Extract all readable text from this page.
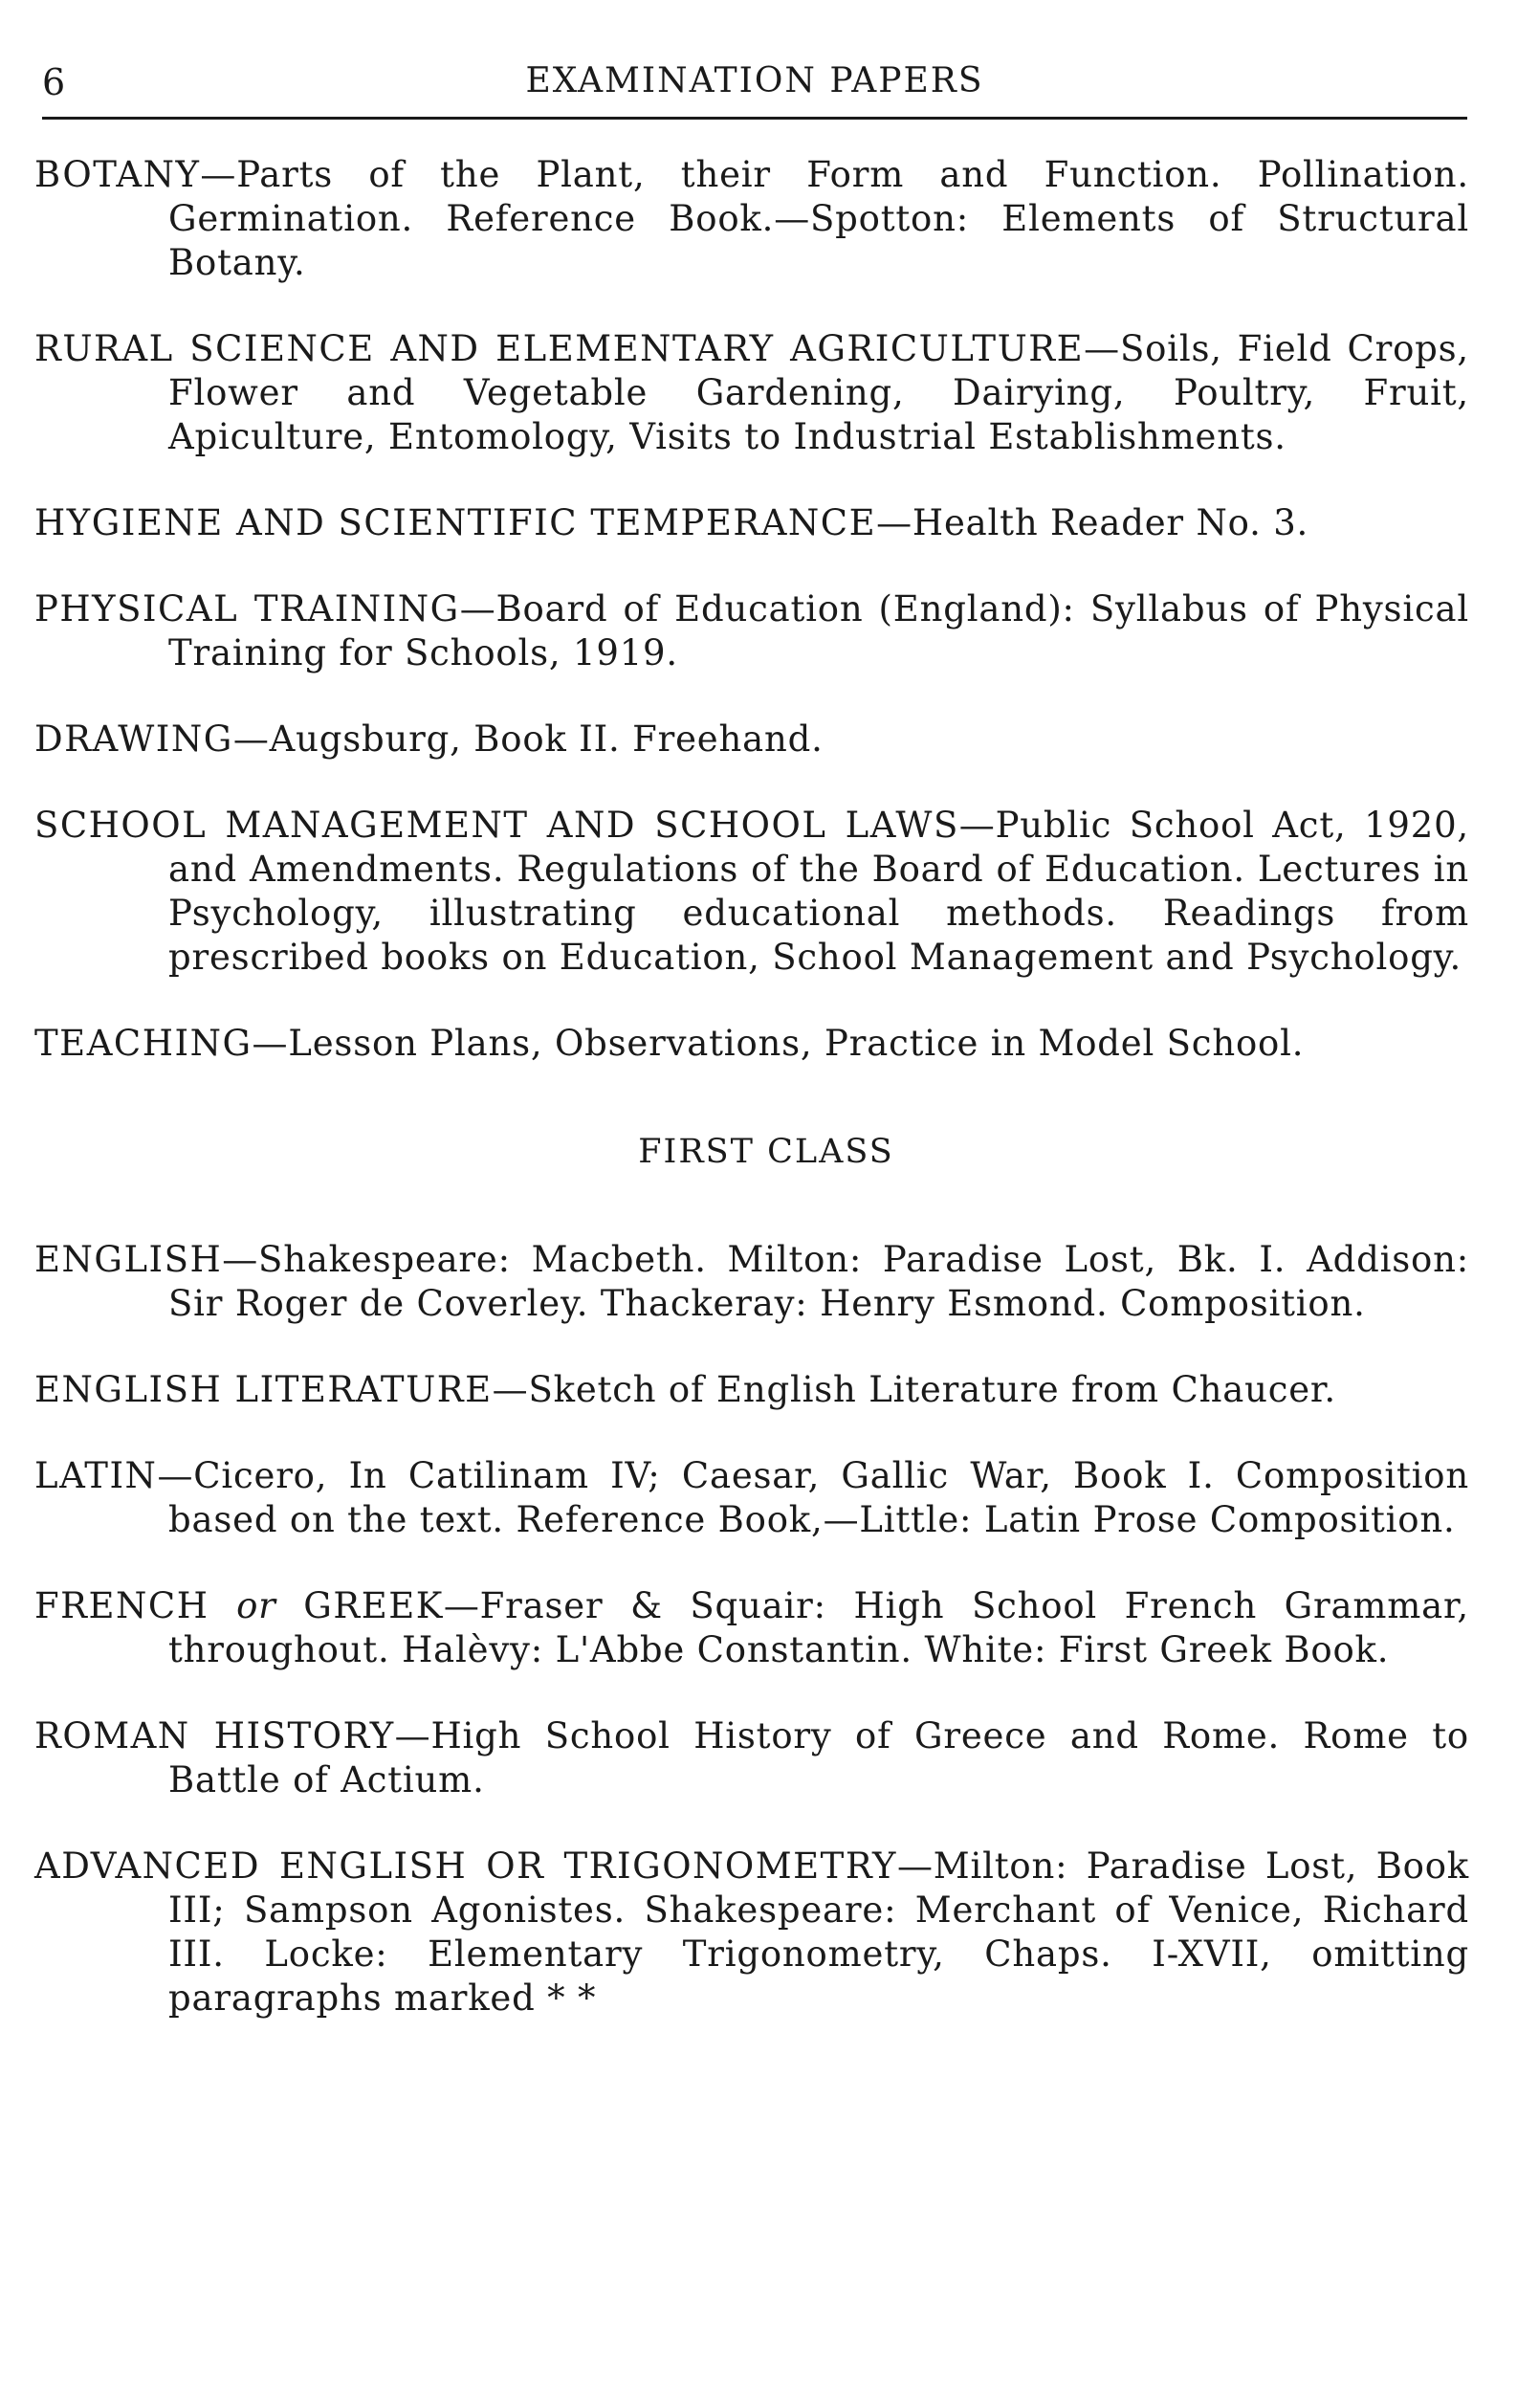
6	EXAMINATION PAPERS

BOTANY—Parts of the Plant, their Form and Function. Pollination. Germination. Reference Book.—Spotton: Elements of Structural Botany.

RURAL SCIENCE AND ELEMENTARY AGRICULTURE—Soils, Field Crops, Flower and Vegetable Gardening, Dairying, Poultry, Fruit, Apiculture, Entomology, Visits to Industrial Establishments.

HYGIENE AND SCIENTIFIC TEMPERANCE—Health Reader No. 3.

PHYSICAL TRAINING—Board of Education (England): Syllabus of Physical Training for Schools, 1919.

DRAWING—Augsburg, Book II. Freehand.

SCHOOL MANAGEMENT AND SCHOOL LAWS—Public School Act, 1920, and Amendments. Regulations of the Board of Education. Lectures in Psychology, illustrating educational methods. Readings from prescribed books on Education, School Management and Psychology.

TEACHING—Lesson Plans, Observations, Practice in Model School.

FIRST CLASS

ENGLISH—Shakespeare: Macbeth. Milton: Paradise Lost, Bk. I. Addison: Sir Roger de Coverley. Thackeray: Henry Esmond. Composition.

ENGLISH LITERATURE—Sketch of English Literature from Chaucer.

LATIN—Cicero, In Catilinam IV; Caesar, Gallic War, Book I. Composition based on the text. Reference Book,—Little: Latin Prose Composition.

FRENCH or GREEK—Fraser & Squair: High School French Grammar, throughout. Halèvy: L'Abbe Constantin. White: First Greek Book.

ROMAN HISTORY—High School History of Greece and Rome. Rome to Battle of Actium.

ADVANCED ENGLISH OR TRIGONOMETRY—Milton: Paradise Lost, Book III; Sampson Agonistes. Shakespeare: Merchant of Venice, Richard III. Locke: Elementary Trigonometry, Chaps. I-XVII, omitting paragraphs marked * *
